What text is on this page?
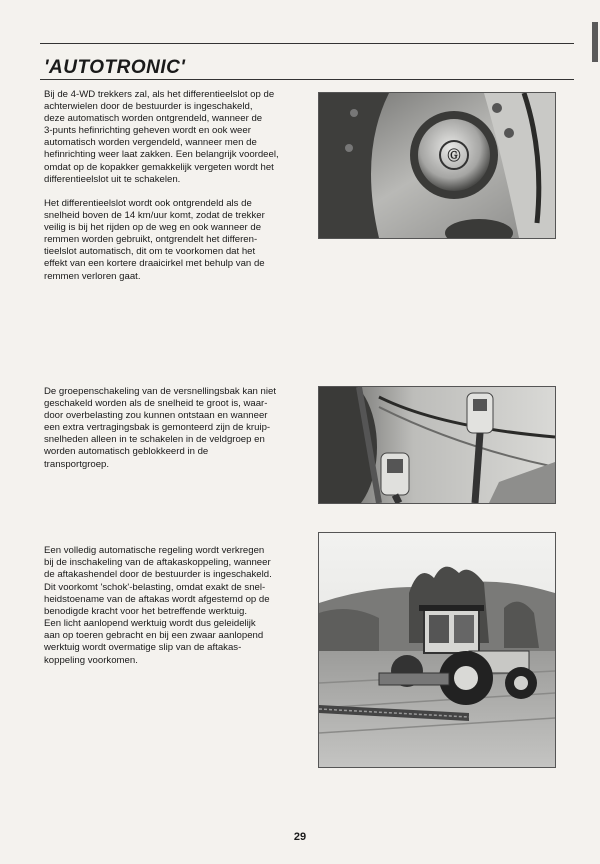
'AUTOTRONIC'

Bij de 4-WD trekkers zal, als het differentieelslot op de
achterwielen door de bestuurder is ingeschakeld,
deze automatisch worden ontgrendeld, wanneer de
3-punts hefinrichting geheven wordt en ook weer
automatisch worden vergendeld, wanneer men de
hefinrichting weer laat zakken. Een belangrijk voordeel,
omdat op de kopakker gemakkelijk vergeten wordt het
differentieelslot uit te schakelen.

Het differentieelslot wordt ook ontgrendeld als de
snelheid boven de 14 km/uur komt, zodat de trekker
veilig is bij het rijden op de weg en ook wanneer de
remmen worden gebruikt, ontgrendelt het differen-
tieelslot automatisch, dit om te voorkomen dat het
effekt van een kortere draaicirkel met behulp van de
remmen verloren gaat.

De groepenschakeling van de versnellingsbak kan niet
geschakeld worden als de snelheid te groot is, waar-
door overbelasting zou kunnen ontstaan en wanneer
een extra vertragingsbak is gemonteerd zijn de kruip-
snelheden alleen in te schakelen in de veldgroep en
worden automatisch geblokkeerd in de
transportgroep.

Een volledig automatische regeling wordt verkregen
bij de inschakeling van de aftakaskoppeling, wanneer
de aftakashendel door de bestuurder is ingeschakeld.

Dit voorkomt 'schok'-belasting, omdat exakt de snel-
heidstoename van de aftakas wordt afgestemd op de
benodigde kracht voor het betreffende werktuig.
Een licht aanlopend werktuig wordt dus geleidelijk
aan op toeren gebracht en bij een zwaar aanlopend
werktuig wordt overmatige slip van de aftakas-
koppeling voorkomen.

Ⓖ
29
